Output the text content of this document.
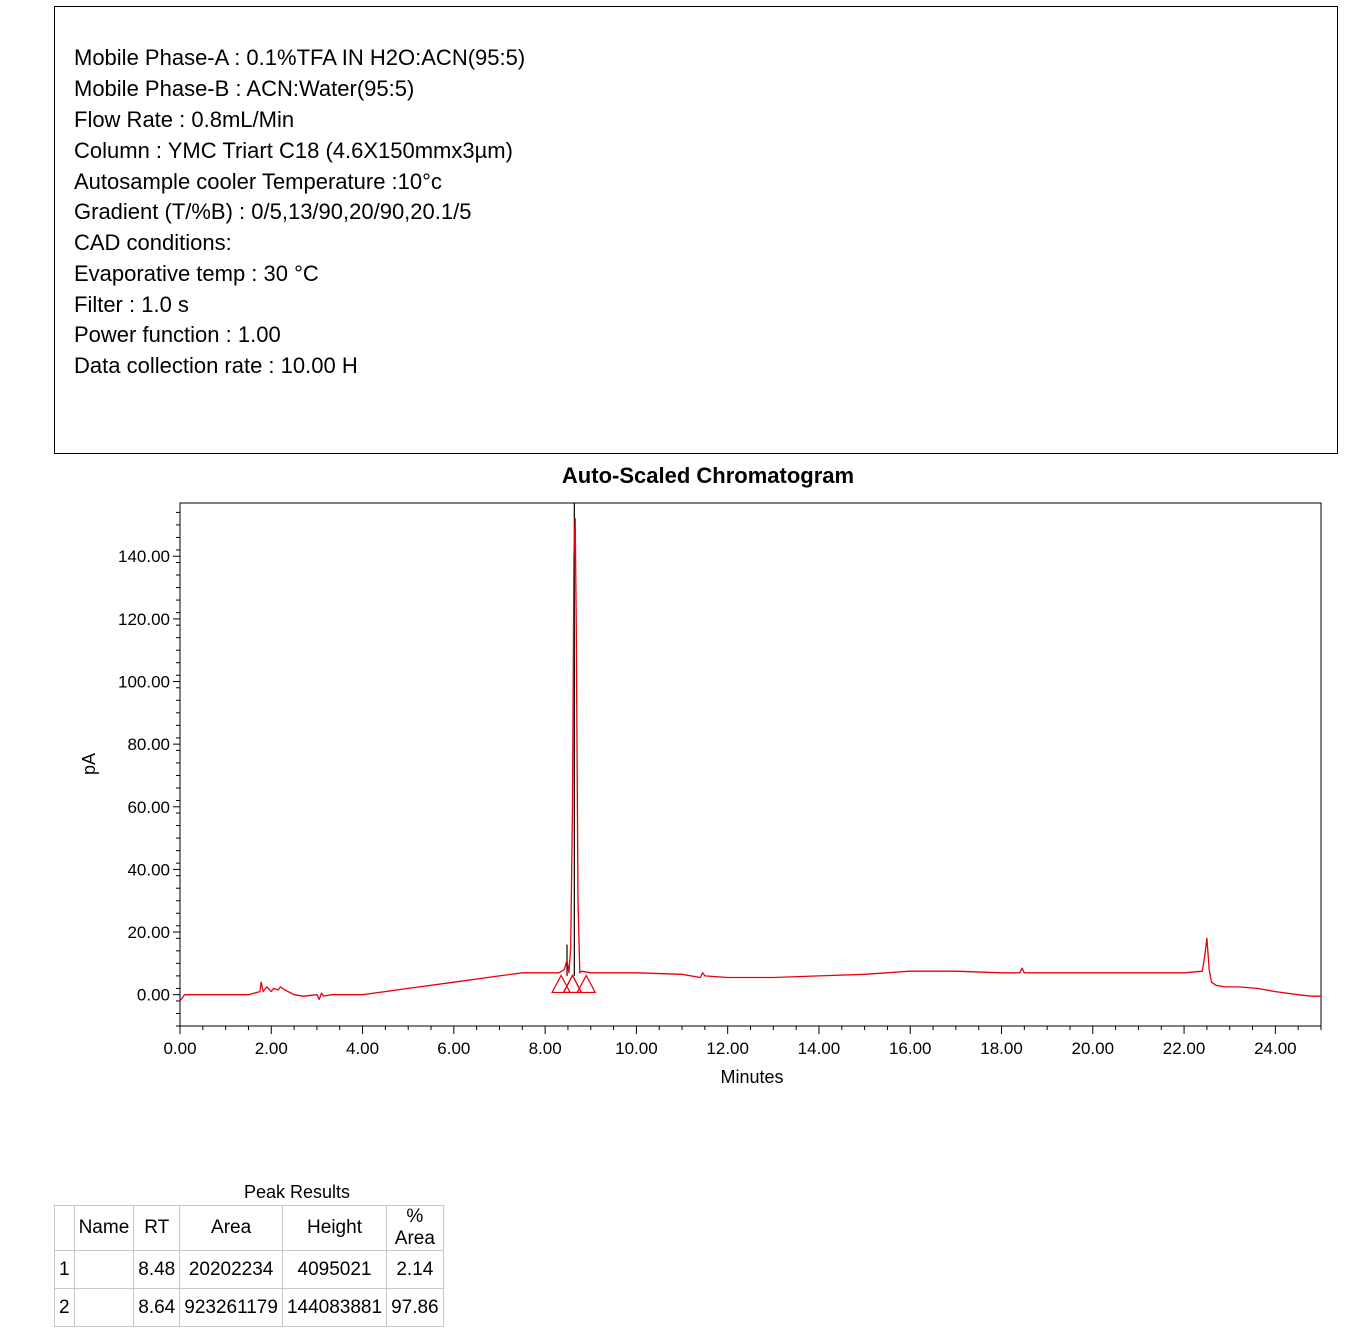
Mobile Phase-A : 0.1%TFA IN H2O:ACN(95:5)
Mobile Phase-B : ACN:Water(95:5)
Flow Rate : 0.8mL/Min
Column : YMC Triart C18 (4.6X150mmx3µm)
Autosample cooler Temperature :10°c
Gradient (T/%B) : 0/5,13/90,20/90,20.1/5
CAD conditions:
Evaporative temp : 30 °C
Filter : 1.0 s
Power function : 1.00
Data collection rate : 10.00 H
Auto-Scaled Chromatogram
0.00
20.00
40.00
60.00
80.00
100.00
120.00
140.00
0.00	2.00	4.00	6.00	8.00	10.00	12.00	14.00	16.00	18.00	20.00	22.00	24.00
pA
Minutes
Peak Results
	Name	RT	Area	Height	% Area
1		8.48	20202234	4095021	2.14
2		8.64	923261179	144083881	97.86
